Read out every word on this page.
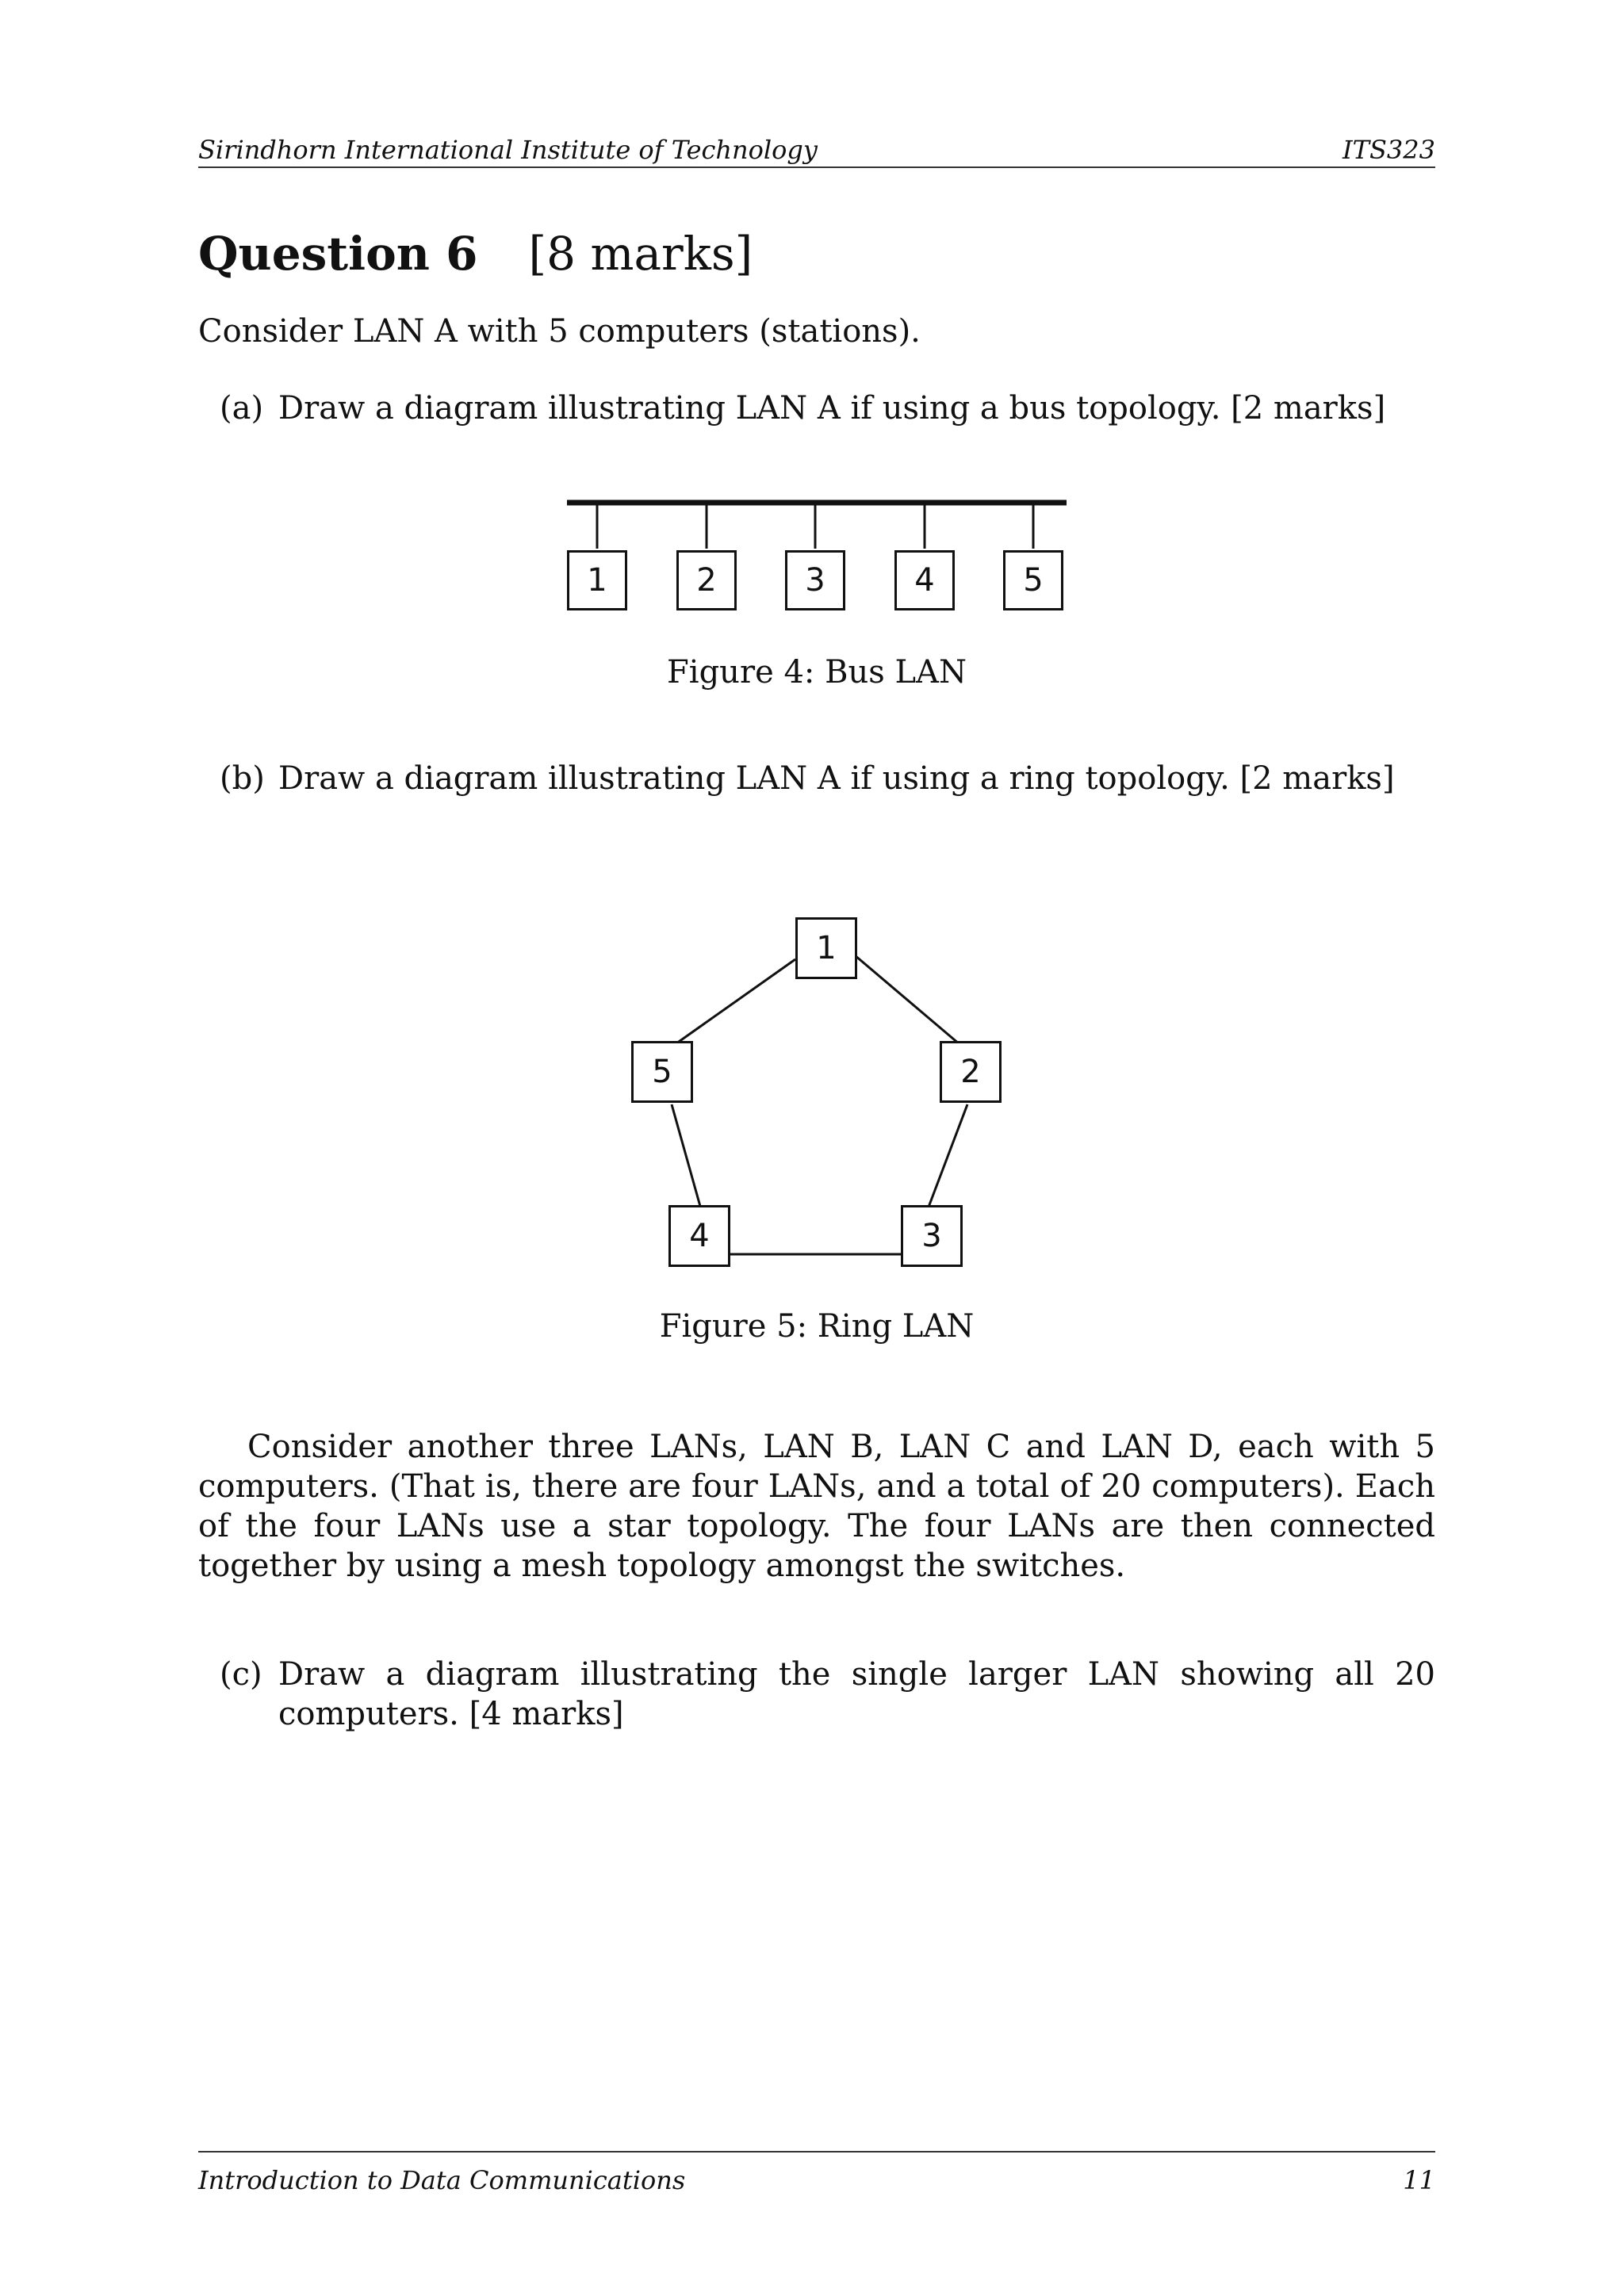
Sirindhorn International Institute of Technology	ITS323
Question 6 [8 marks]
Consider LAN A with 5 computers (stations).
(a) Draw a diagram illustrating LAN A if using a bus topology. [2 marks]
1	2	3	4	5
Figure 4: Bus LAN
(b) Draw a diagram illustrating LAN A if using a ring topology. [2 marks]
1
2
3
4
5
Figure 5: Ring LAN
Consider another three LANs, LAN B, LAN C and LAN D, each with 5 computers. (That is, there are four LANs, and a total of 20 computers). Each of the four LANs use a star topology. The four LANs are then connected together by using a mesh topology amongst the switches.
(c) Draw a diagram illustrating the single larger LAN showing all 20 computers. [4 marks]
Introduction to Data Communications	11
